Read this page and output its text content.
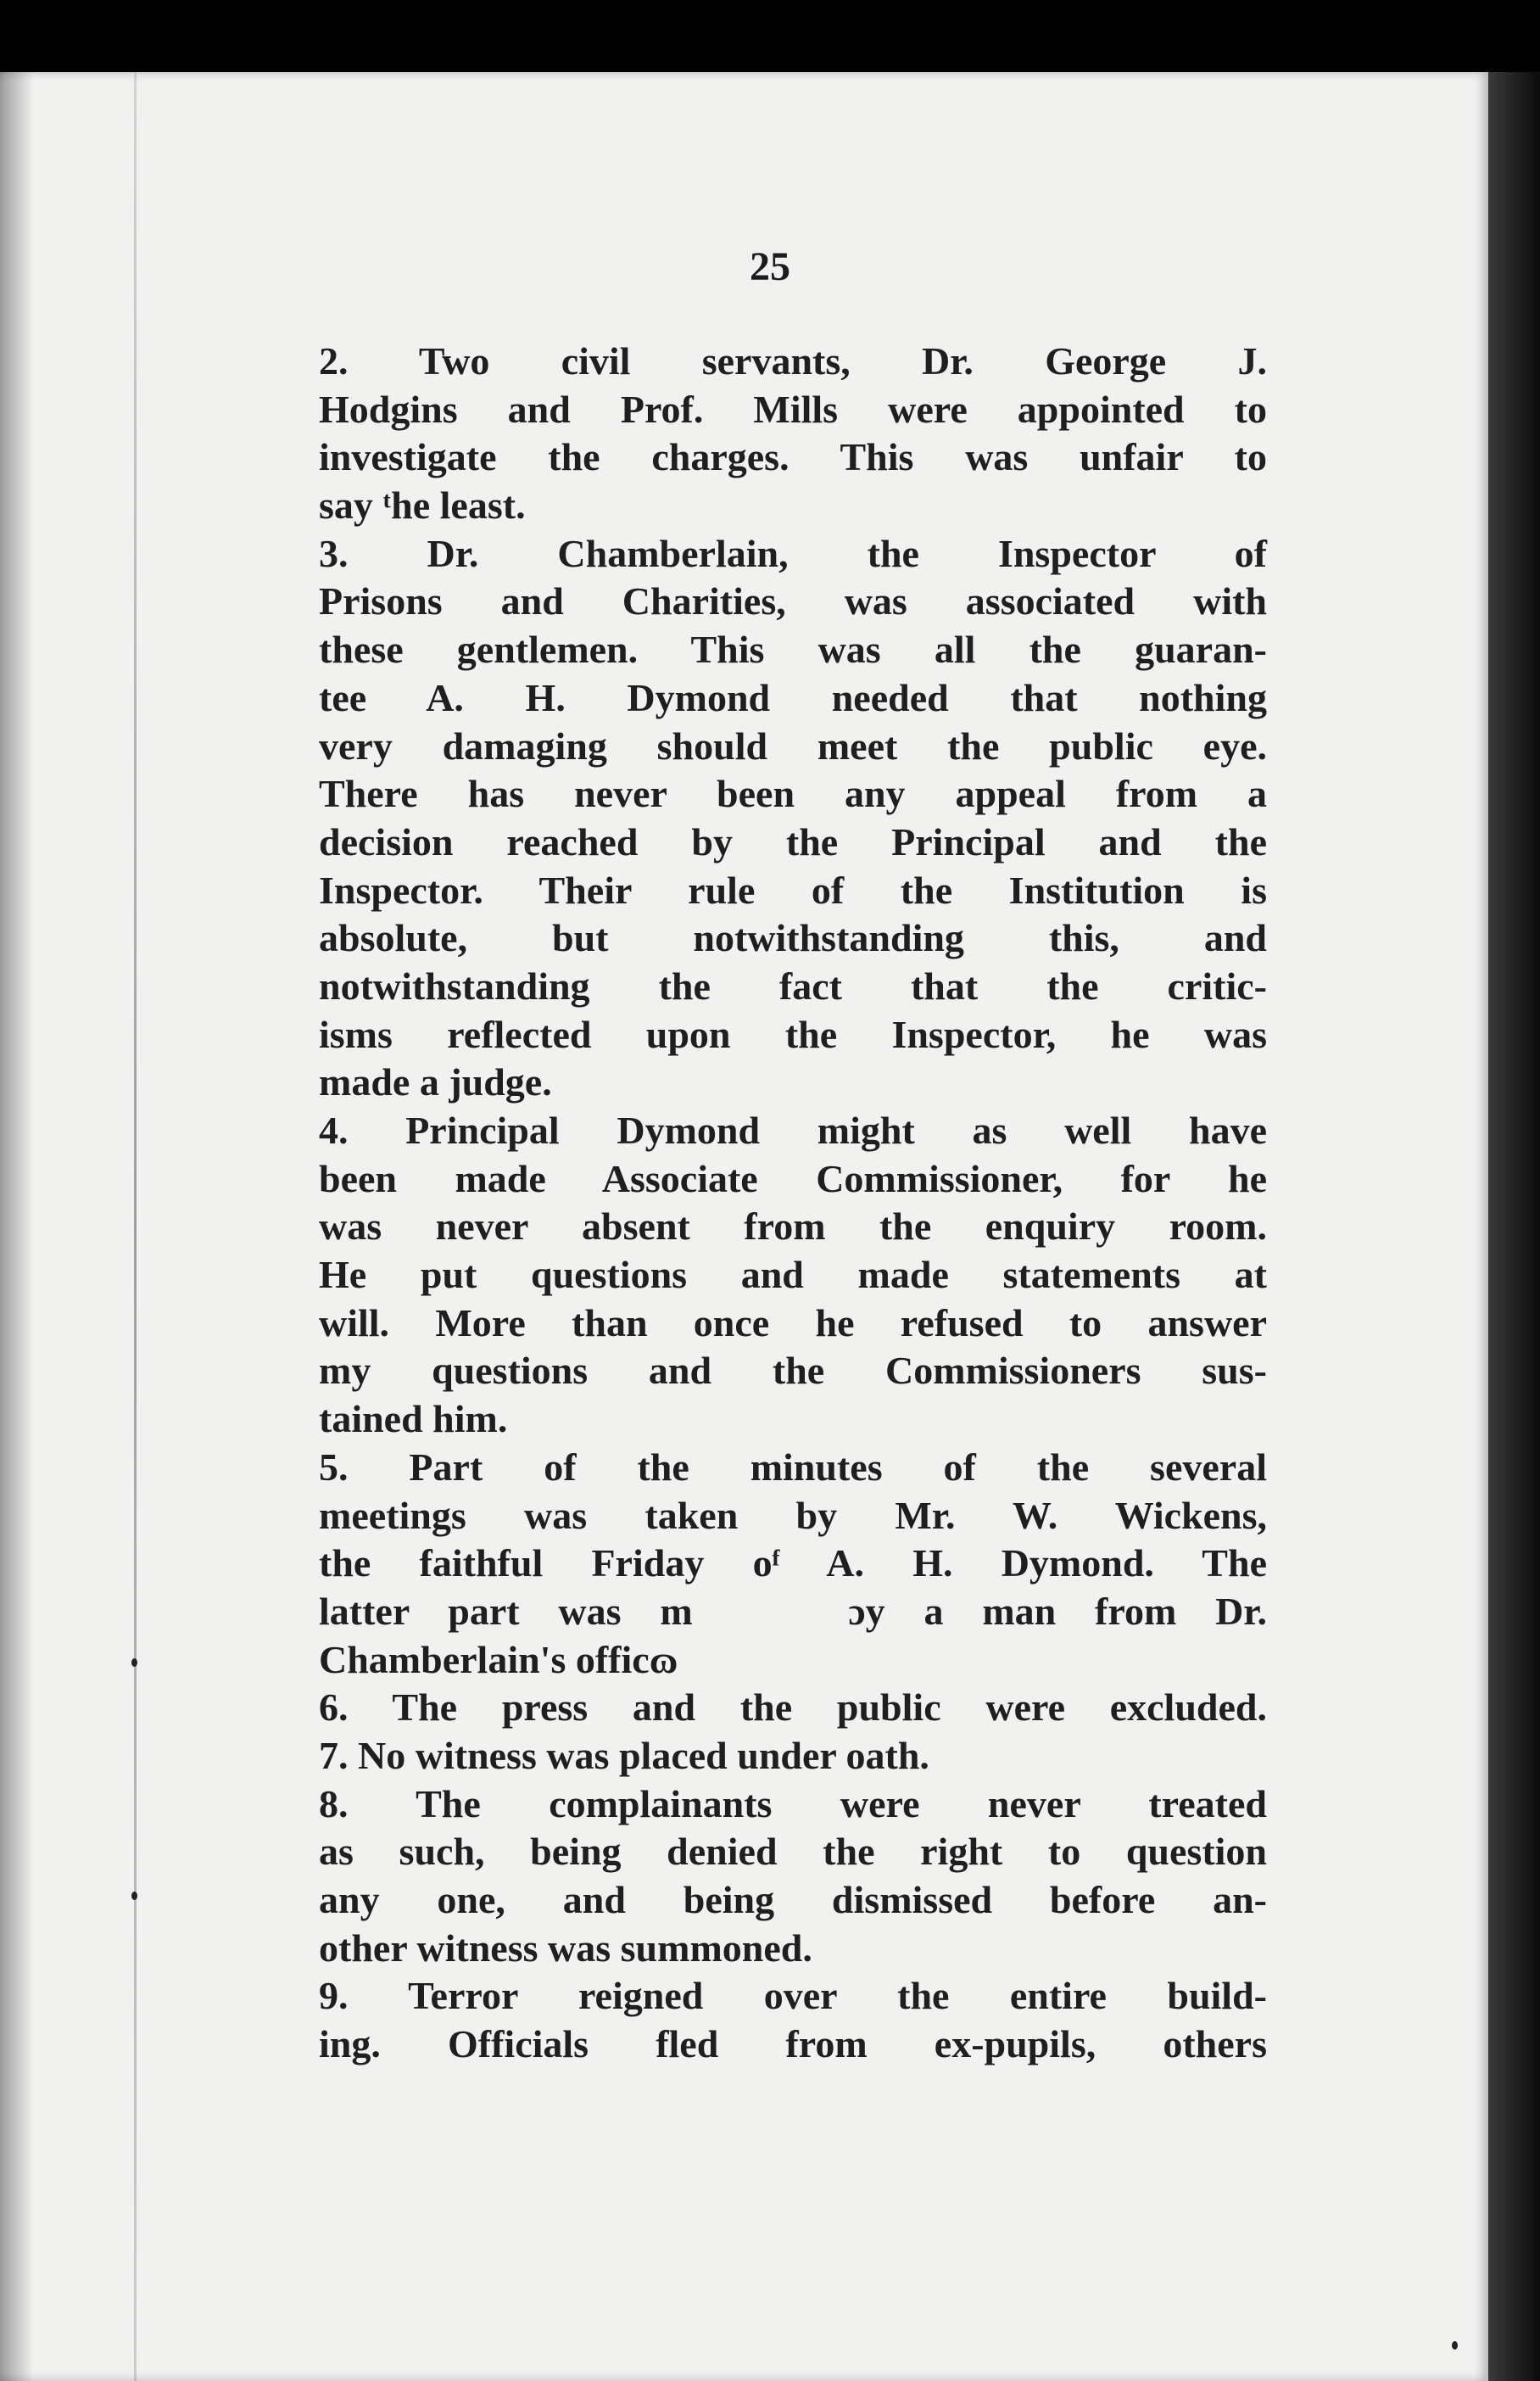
25

2. Two civil servants, Dr. George J.
Hodgins and Prof. Mills were appointed to
investigate the charges. This was unfair to
say ᵗhe least.
3. Dr. Chamberlain, the Inspector of
Prisons and Charities, was associated with
these gentlemen. This was all the guaran-
tee A. H. Dymond needed that nothing
very damaging should meet the public eye.
There has never been any appeal from a
decision reached by the Principal and the
Inspector. Their rule of the Institution is
absolute, but notwithstanding this, and
notwithstanding the fact that the critic-
isms reflected upon the Inspector, he was
made a judge.
4. Principal Dymond might as well have
been made Associate Commissioner, for he
was never absent from the enquiry room.
He put questions and made statements at
will. More than once he refused to answer
my questions and the Commissioners sus-
tained him.
5. Part of the minutes of the several
meetings was taken by Mr. W. Wickens,
the faithful Friday oᶠ A. H. Dymond. The
latter part was m    ɔy a man from Dr.
Chamberlain's officɷ
6. The press and the public were excluded.
7. No witness was placed under oath.
8. The complainants were never treated
as such, being denied the right to question
any one, and being dismissed before an-
other witness was summoned.
9. Terror reigned over the entire build-
ing. Officials fled from ex-pupils, others
